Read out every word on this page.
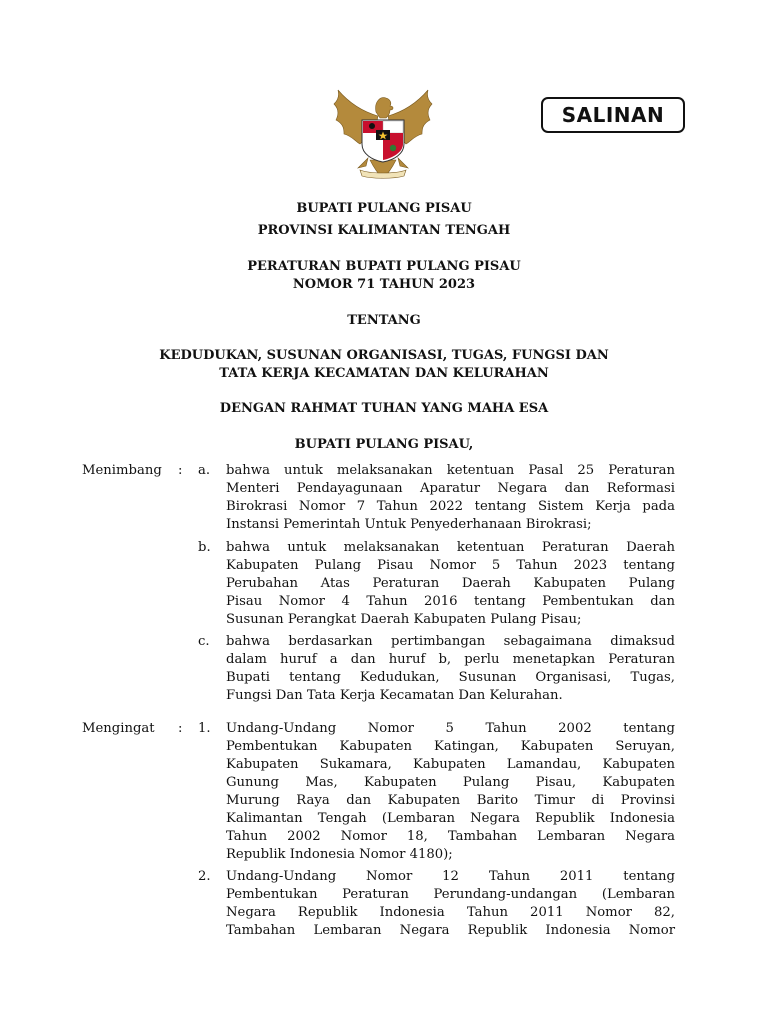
SALINAN
BUPATI PULANG PISAU
PROVINSI KALIMANTAN TENGAH
PERATURAN BUPATI PULANG PISAU
NOMOR 71 TAHUN 2023
TENTANG
KEDUDUKAN, SUSUNAN ORGANISASI, TUGAS, FUNGSI DAN
TATA KERJA KECAMATAN DAN KELURAHAN
DENGAN RAHMAT TUHAN YANG MAHA ESA
BUPATI PULANG PISAU,
Menimbang : a. bahwa untuk melaksanakan ketentuan Pasal 25 Peraturan
Menteri Pendayagunaan Aparatur Negara dan Reformasi
Birokrasi Nomor 7 Tahun 2022 tentang Sistem Kerja pada
Instansi Pemerintah Untuk Penyederhanaan Birokrasi;
b. bahwa untuk melaksanakan ketentuan Peraturan Daerah
Kabupaten Pulang Pisau Nomor 5 Tahun 2023 tentang
Perubahan Atas Peraturan Daerah Kabupaten Pulang
Pisau Nomor 4 Tahun 2016 tentang Pembentukan dan
Susunan Perangkat Daerah Kabupaten Pulang Pisau;
c. bahwa berdasarkan pertimbangan sebagaimana dimaksud
dalam huruf a dan huruf b, perlu menetapkan Peraturan
Bupati tentang Kedudukan, Susunan Organisasi, Tugas,
Fungsi Dan Tata Kerja Kecamatan Dan Kelurahan.
Mengingat : 1. Undang-Undang Nomor 5 Tahun 2002 tentang
Pembentukan Kabupaten Katingan, Kabupaten Seruyan,
Kabupaten Sukamara, Kabupaten Lamandau, Kabupaten
Gunung Mas, Kabupaten Pulang Pisau, Kabupaten
Murung Raya dan Kabupaten Barito Timur di Provinsi
Kalimantan Tengah (Lembaran Negara Republik Indonesia
Tahun 2002 Nomor 18, Tambahan Lembaran Negara
Republik Indonesia Nomor 4180);
2. Undang-Undang Nomor 12 Tahun 2011 tentang
Pembentukan Peraturan Perundang-undangan (Lembaran
Negara Republik Indonesia Tahun 2011 Nomor 82,
Tambahan Lembaran Negara Republik Indonesia Nomor
